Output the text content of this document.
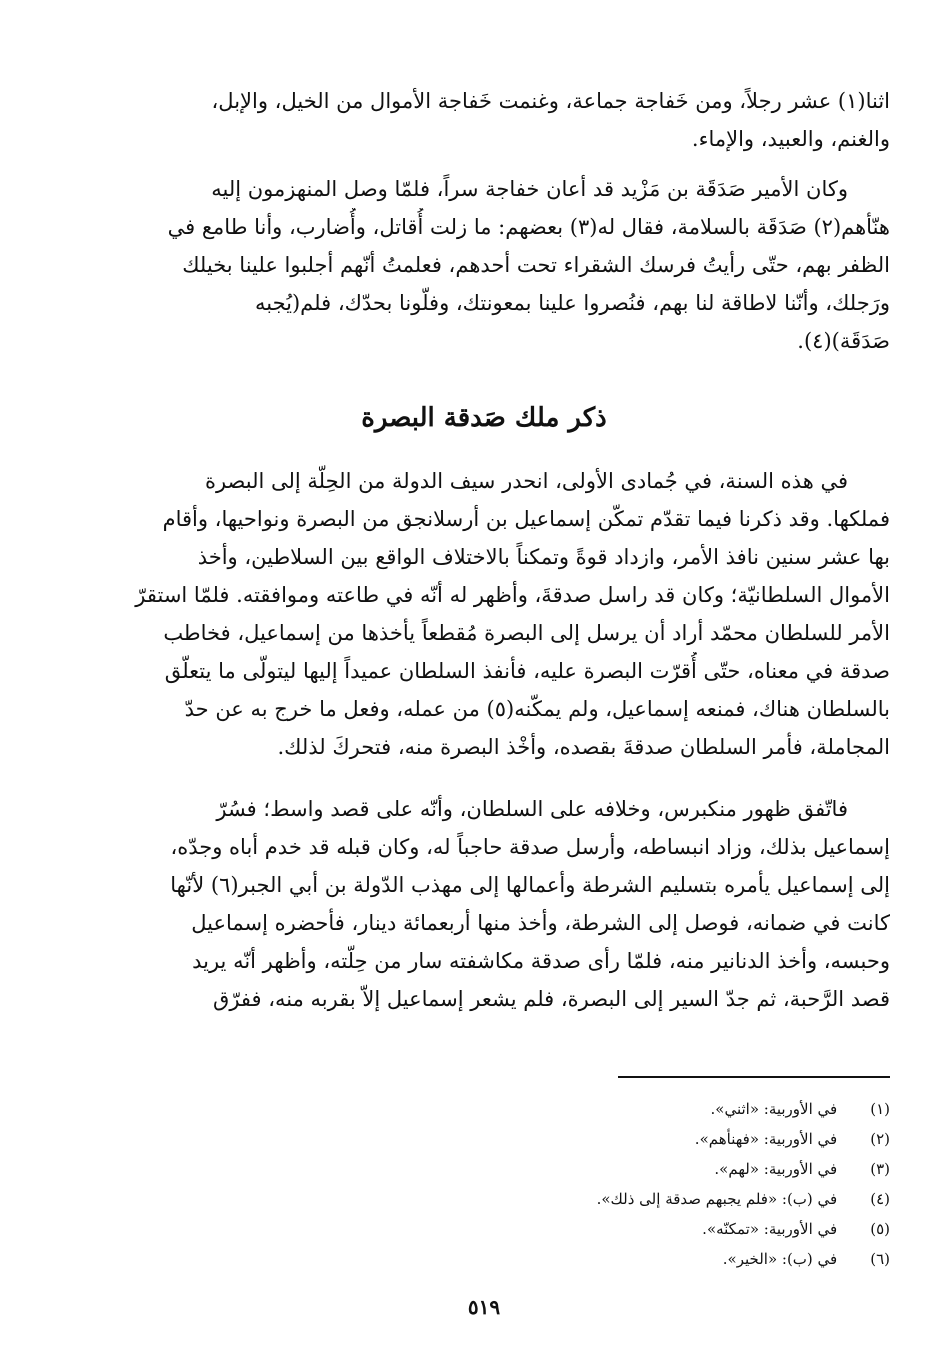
اثنا(١) عشر رجلاً، ومن خَفاجة جماعة، وغنمت خَفاجة الأموال من الخيل، والإبل،
والغنم، والعبيد، والإماء.

وكان الأمير صَدَقَة بن مَزْيد قد أعان خفاجة سراً، فلمّا وصل المنهزمون إليه
هنّأهم(٢) صَدَقَة بالسلامة، فقال له(٣) بعضهم: ما زلت أُقاتل، وأُضارب، وأنا طامع في
الظفر بهم، حتّى رأيتُ فرسك الشقراء تحت أحدهم، فعلمتُ أنّهم أجلبوا علينا بخيلك
ورَجلك، وأنّنا لاطاقة لنا بهم، فنُصروا علينا بمعونتك، وفلّونا بحدّك، فلم(يُجبه
صَدَقَة)(٤).

ذكر ملك صَدقة البصرة

في هذه السنة، في جُمادى الأولى، انحدر سيف الدولة من الحِلّة إلى البصرة
فملكها. وقد ذكرنا فيما تقدّم تمكّن إسماعيل بن أرسلانجق من البصرة ونواحيها، وأقام
بها عشر سنين نافذ الأمر، وازداد قوةً وتمكناً بالاختلاف الواقع بين السلاطين، وأخذ
الأموال السلطانيّة؛ وكان قد راسل صدقةَ، وأظهر له أنّه في طاعته وموافقته. فلمّا استقرّ
الأمر للسلطان محمّد أراد أن يرسل إلى البصرة مُقطعاً يأخذها من إسماعيل، فخاطب
صدقة في معناه، حتّى أُقرّت البصرة عليه، فأنفذ السلطان عميداً إليها ليتولّى ما يتعلّق
بالسلطان هناك، فمنعه إسماعيل، ولم يمكّنه(٥) من عمله، وفعل ما خرج به عن حدّ
المجاملة، فأمر السلطان صدقةَ بقصده، وأخْذ البصرة منه، فتحركَ لذلك.

فاتّفق ظهور منكبرس، وخلافه على السلطان، وأنّه على قصد واسط؛ فسُرّ
إسماعيل بذلك، وزاد انبساطه، وأرسل صدقة حاجباً له، وكان قبله قد خدم أباه وجدّه،
إلى إسماعيل يأمره بتسليم الشرطة وأعمالها إلى مهذب الدّولة بن أبي الجبر(٦) لأنّها
كانت في ضمانه، فوصل إلى الشرطة، وأخذ منها أربعمائة دينار، فأحضره إسماعيل
وحبسه، وأخذ الدنانير منه، فلمّا رأى صدقة مكاشفته سار من حِلّته، وأظهر أنّه يريد
قصد الرَّحبة، ثم جدّ السير إلى البصرة، فلم يشعر إسماعيل إلاّ بقربه منه، ففرّق

(١) في الأوربية: «اثني».
(٢) في الأوربية: «فهنأهم».
(٣) في الأوربية: «لهم».
(٤) في (ب): «فلم يجبهم صدقة إلى ذلك».
(٥) في الأوربية: «تمكنّه».
(٦) في (ب): «الخير».
٥١٩
